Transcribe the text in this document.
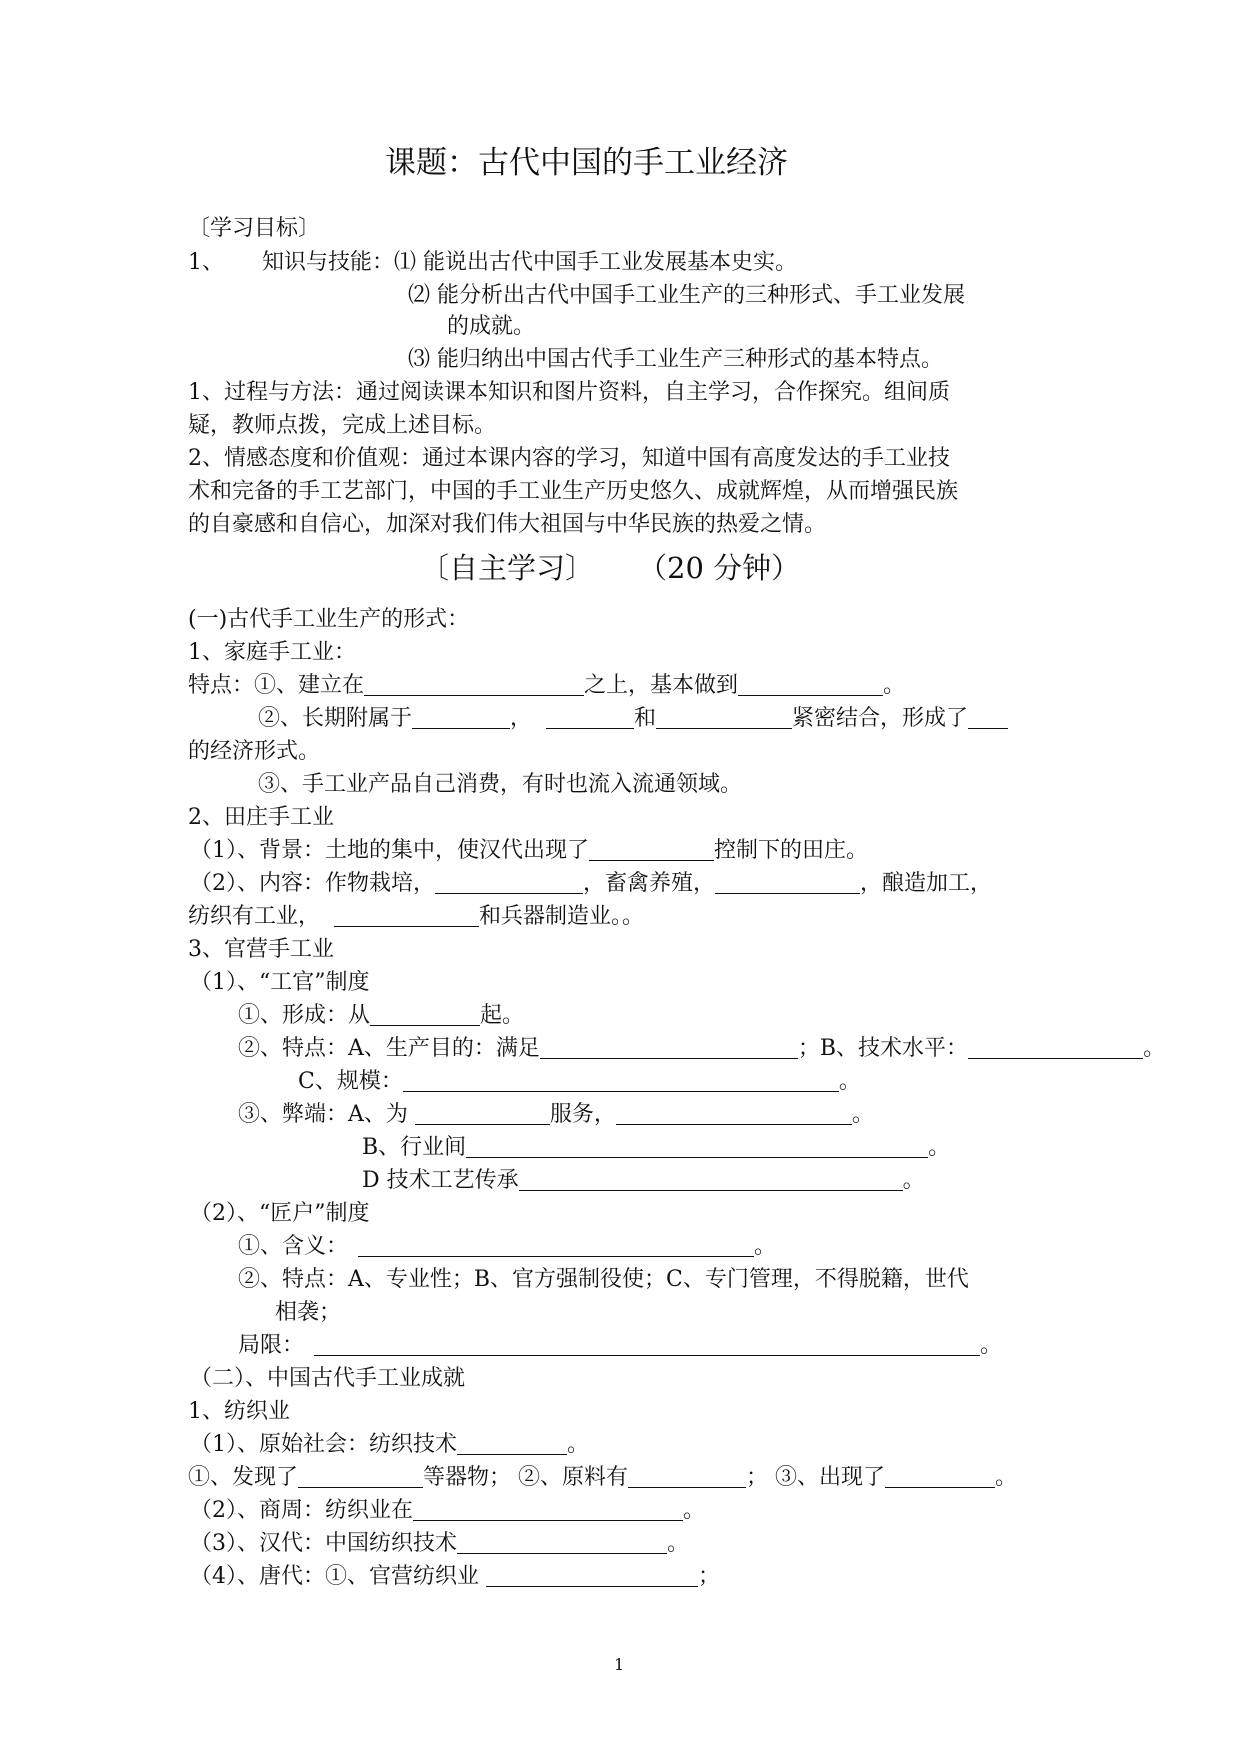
课题：古代中国的手工业经济
〔学习目标〕
1、 知识与技能：⑴ 能说出古代中国手工业发展基本史实。
⑵ 能分析出古代中国手工业生产的三种形式、手工业发展
的成就。
⑶ 能归纳出中国古代手工业生产三种形式的基本特点。
1、过程与方法：通过阅读课本知识和图片资料，自主学习，合作探究。组间质
疑，教师点拨，完成上述目标。
2、情感态度和价值观：通过本课内容的学习，知道中国有高度发达的手工业技
术和完备的手工艺部门，中国的手工业生产历史悠久、成就辉煌，从而增强民族
的自豪感和自信心，加深对我们伟大祖国与中华民族的热爱之情。
〔自主学习〕 （20 分钟）
(一)古代手工业生产的形式：
1、家庭手工业：
特点：①、建立在	之上，基本做到	。
②、长期附属于	，	和	紧密结合，形成了
的经济形式。
③、手工业产品自己消费，有时也流入流通领域。
2、田庄手工业
（1）、背景：土地的集中，使汉代出现了	控制下的田庄。
（2）、内容：作物栽培，	，畜禽养殖，	，酿造加工，
纺织有工业，	和兵器制造业。。
3、官营手工业
（1）、“工官”制度
①、形成：从	起。
②、特点：A、生产目的：满足	；B、技术水平：	。
C、规模：	。
③、弊端：A、为	服务，	。
B、行业间	。
D 技术工艺传承	。
（2）、“匠户”制度
①、含义：	。
②、特点：A、专业性；B、官方强制役使；C、专门管理，不得脱籍，世代
相袭；
局限：	。
（二）、中国古代手工业成就
1、纺织业
（1）、原始社会：纺织技术	。
①、发现了	等器物； ②、原料有	； ③、出现了	。
（2）、商周：纺织业在	。
（3）、汉代：中国纺织技术	。
（4）、唐代：①、官营纺织业	；
1
